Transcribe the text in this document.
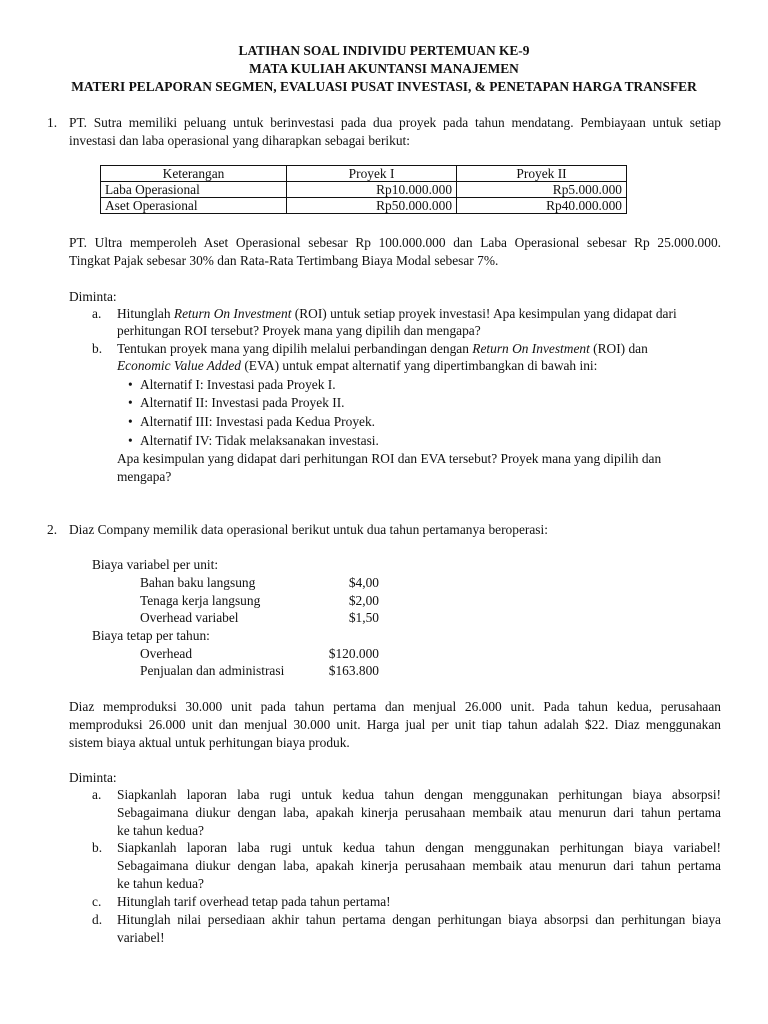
LATIHAN SOAL INDIVIDU PERTEMUAN KE-9
MATA KULIAH AKUNTANSI MANAJEMEN
MATERI PELAPORAN SEGMEN, EVALUASI PUSAT INVESTASI, & PENETAPAN HARGA TRANSFER
1. PT. Sutra memiliki peluang untuk berinvestasi pada dua proyek pada tahun mendatang. Pembiayaan untuk setiap
investasi dan laba operasional yang diharapkan sebagai berikut:
Keterangan	Proyek I	Proyek II
Laba Operasional	Rp10.000.000	Rp5.000.000
Aset Operasional	Rp50.000.000	Rp40.000.000
PT. Ultra memperoleh Aset Operasional sebesar Rp 100.000.000 dan Laba Operasional sebesar Rp 25.000.000.
Tingkat Pajak sebesar 30% dan Rata-Rata Tertimbang Biaya Modal sebesar 7%.
Diminta:
a. Hitunglah Return On Investment (ROI) untuk setiap proyek investasi! Apa kesimpulan yang didapat dari
perhitungan ROI tersebut? Proyek mana yang dipilih dan mengapa?
b. Tentukan proyek mana yang dipilih melalui perbandingan dengan Return On Investment (ROI) dan
Economic Value Added (EVA) untuk empat alternatif yang dipertimbangkan di bawah ini:
• Alternatif I: Investasi pada Proyek I.
• Alternatif II: Investasi pada Proyek II.
• Alternatif III: Investasi pada Kedua Proyek.
• Alternatif IV: Tidak melaksanakan investasi.
Apa kesimpulan yang didapat dari perhitungan ROI dan EVA tersebut? Proyek mana yang dipilih dan
mengapa?
2. Diaz Company memilik data operasional berikut untuk dua tahun pertamanya beroperasi:
Biaya variabel per unit:
Bahan baku langsung	$4,00
Tenaga kerja langsung	$2,00
Overhead variabel	$1,50
Biaya tetap per tahun:
Overhead	$120.000
Penjualan dan administrasi	$163.800
Diaz memproduksi 30.000 unit pada tahun pertama dan menjual 26.000 unit. Pada tahun kedua, perusahaan
memproduksi 26.000 unit dan menjual 30.000 unit. Harga jual per unit tiap tahun adalah $22. Diaz menggunakan
sistem biaya aktual untuk perhitungan biaya produk.
Diminta:
a. Siapkanlah laporan laba rugi untuk kedua tahun dengan menggunakan perhitungan biaya absorpsi!
Sebagaimana diukur dengan laba, apakah kinerja perusahaan membaik atau menurun dari tahun pertama
ke tahun kedua?
b. Siapkanlah laporan laba rugi untuk kedua tahun dengan menggunakan perhitungan biaya variabel!
Sebagaimana diukur dengan laba, apakah kinerja perusahaan membaik atau menurun dari tahun pertama
ke tahun kedua?
c. Hitunglah tarif overhead tetap pada tahun pertama!
d. Hitunglah nilai persediaan akhir tahun pertama dengan perhitungan biaya absorpsi dan perhitungan biaya
variabel!
